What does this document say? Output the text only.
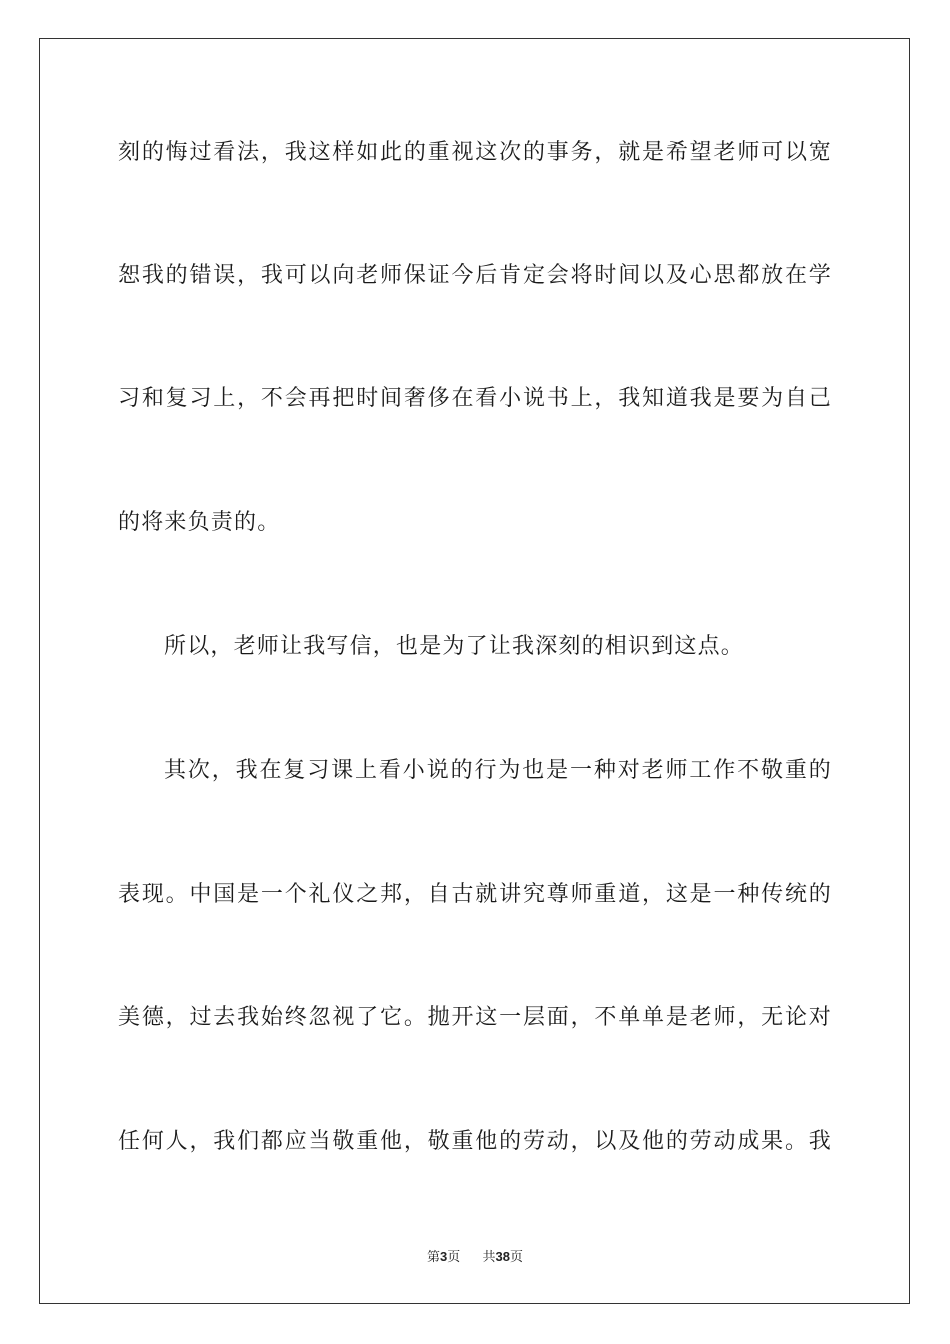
刻的悔过看法，我这样如此的重视这次的事务，就是希望老师可以宽
恕我的错误，我可以向老师保证今后肯定会将时间以及心思都放在学
习和复习上，不会再把时间奢侈在看小说书上，我知道我是要为自己
的将来负责的。
所以，老师让我写信，也是为了让我深刻的相识到这点。
其次，我在复习课上看小说的行为也是一种对老师工作不敬重的
表现。中国是一个礼仪之邦，自古就讲究尊师重道，这是一种传统的
美德，过去我始终忽视了它。抛开这一层面，不单单是老师，无论对
任何人，我们都应当敬重他，敬重他的劳动，以及他的劳动成果。我
第3页 共38页
